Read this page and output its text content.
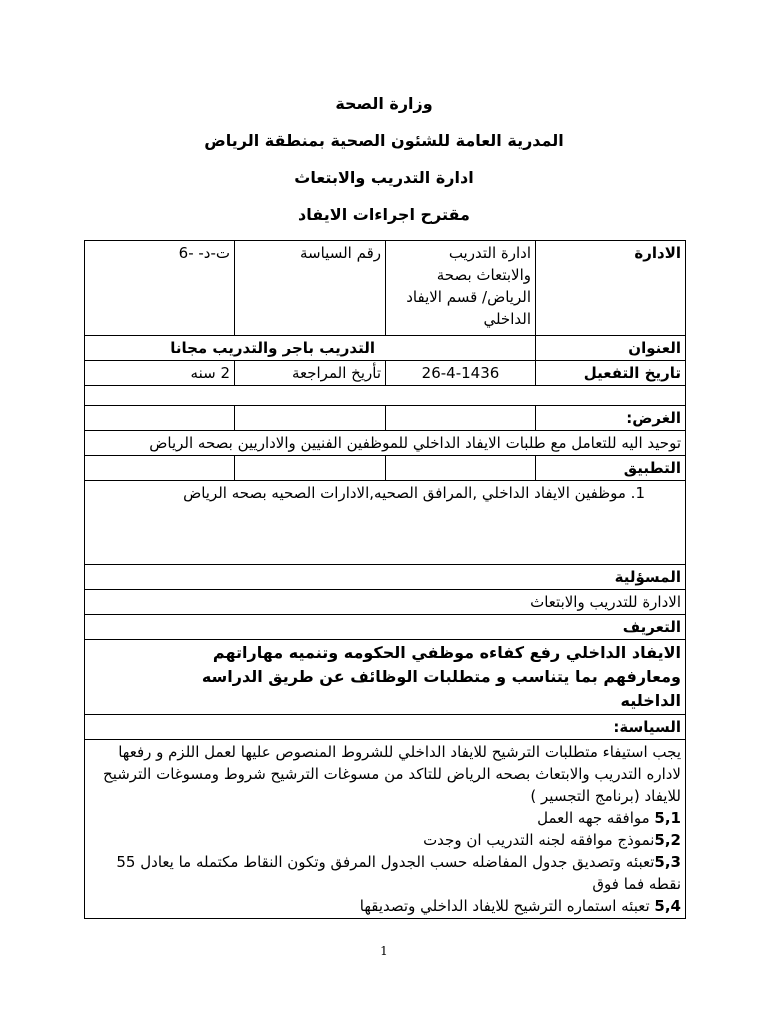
وزارة الصحة
المدرية العامة للشئون الصحية بمنطقة الرياض
ادارة التدريب والابتعاث
مقترح اجراءات الايفاد
الادارة	ادارة التدريب والابتعاث بصحة الرياض/ قسم الايفاد الداخلي	رقم السياسة	ت-د- -6
العنوان	التدريب باجر والتدريب مجانا		
تاريخ التفعيل	26-4-1436	تأريخ المراجعة	2 سنه

الغرض:			
توحيد اليه للتعامل مع طلبات الايفاد الداخلي للموظفين الفنيين والاداريين بصحه الرياض			
التطبيق			
1. موظفين الايفاد الداخلي ,المرافق الصحيه,الادارات الصحيه بصحه الرياض			
المسؤلية			
الادارة للتدريب والابتعاث			
التعريف			
الايفاد الداخلي رفع كفاءه موظفي الحكومه وتنميه مهاراتهم ومعارفهم بما يتناسب و متطلبات الوظائف عن طريق الدراسه الداخليه			
السياسة:			

يجب استيفاء متطلبات الترشيح للايفاد الداخلي للشروط المنصوص عليها لعمل اللزم و رفعها لاداره التدريب والابتعاث بصحه الرياض للتاكد من مسوغات الترشيح شروط ومسوغات الترشيح للايفاد (برنامج التجسير )

5,1 موافقه جهه العمل

5,2نموذج موافقه لجنه التدريب ان وجدت

5,3تعبئه وتصديق جدول المفاضله حسب الجدول المرفق وتكون النقاط مكتمله ما يعادل 55 نقطه فما فوق

5,4 تعبئه استماره الترشيح للايفاد الداخلي وتصديقها			

1
